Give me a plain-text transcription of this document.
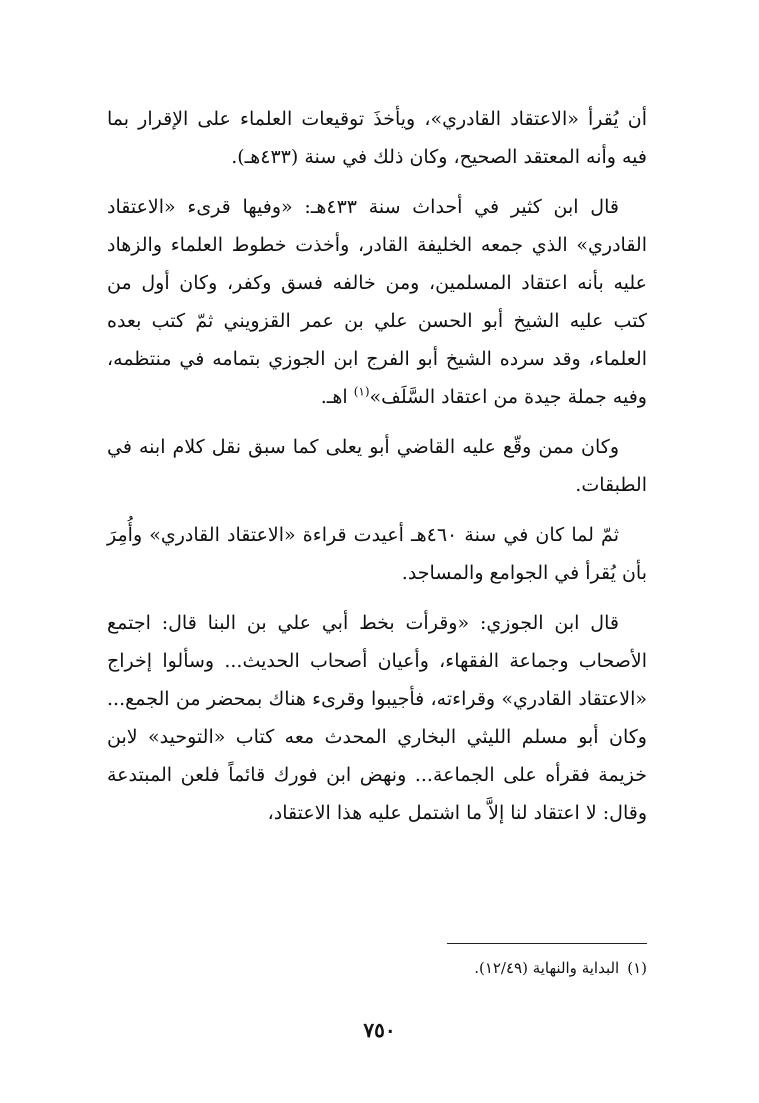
أن يُقرأ «الاعتقاد القادري»، ويأخذَ توقيعات العلماء على الإقرار بما فيه وأنه المعتقد الصحيح، وكان ذلك في سنة (٤٣٣هـ).

قال ابن كثير في أحداث سنة ٤٣٣هـ: «وفيها قرىء «الاعتقاد القادري» الذي جمعه الخليفة القادر، وأخذت خطوط العلماء والزهاد عليه بأنه اعتقاد المسلمين، ومن خالفه فسق وكفر، وكان أول من كتب عليه الشيخ أبو الحسن علي بن عمر القزويني ثمّ كتب بعده العلماء، وقد سرده الشيخ أبو الفرج ابن الجوزي بتمامه في منتظمه، وفيه جملة جيدة من اعتقاد السَّلَف»$^{(١)}$ اهـ.

وكان ممن وقّع عليه القاضي أبو يعلى كما سبق نقل كلام ابنه في الطبقات.

ثمّ لما كان في سنة ٤٦٠هـ أعيدت قراءة «الاعتقاد القادري» وأُمِرَ بأن يُقرأ في الجوامع والمساجد.

قال ابن الجوزي: «وقرأت بخط أبي علي بن البنا قال: اجتمع الأصحاب وجماعة الفقهاء، وأعيان أصحاب الحديث... وسألوا إخراج «الاعتقاد القادري» وقراءته، فأجيبوا وقرىء هناك بمحضر من الجمع... وكان أبو مسلم الليثي البخاري المحدث معه كتاب «التوحيد» لابن خزيمة فقرأه على الجماعة... ونهض ابن فورك قائماً فلعن المبتدعة وقال: لا اعتقاد لنا إلاَّ ما اشتمل عليه هذا الاعتقاد،

(١)البداية والنهاية (١٢/٤٩).
٧٥٠
